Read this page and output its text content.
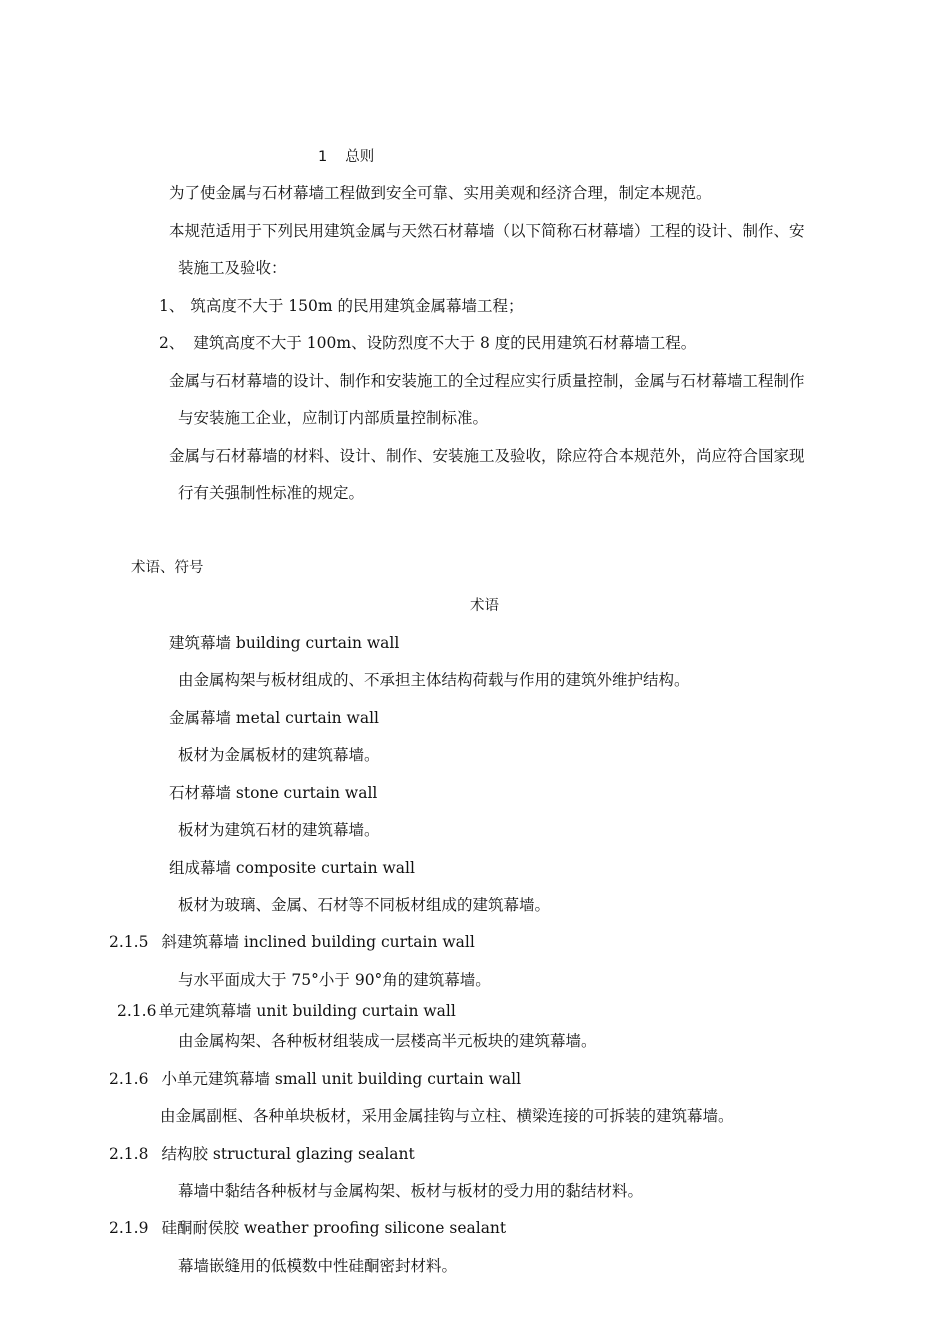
1 总则
为了使金属与石材幕墙工程做到安全可靠、实用美观和经济合理，制定本规范。
本规范适用于下列民用建筑金属与天然石材幕墙（以下简称石材幕墙）工程的设计、制作、安
装施工及验收：
1、 筑高度不大于 150m 的民用建筑金属幕墙工程；
2、 建筑高度不大于 100m、设防烈度不大于 8 度的民用建筑石材幕墙工程。
金属与石材幕墙的设计、制作和安装施工的全过程应实行质量控制，金属与石材幕墙工程制作
与安装施工企业，应制订内部质量控制标准。
金属与石材幕墙的材料、设计、制作、安装施工及验收，除应符合本规范外，尚应符合国家现
行有关强制性标准的规定。
术语、符号
术语
建筑幕墙 building curtain wall
由金属构架与板材组成的、不承担主体结构荷载与作用的建筑外维护结构。
金属幕墙 metal curtain wall
板材为金属板材的建筑幕墙。
石材幕墙 stone curtain wall
板材为建筑石材的建筑幕墙。
组成幕墙 composite curtain wall
板材为玻璃、金属、石材等不同板材组成的建筑幕墙。
2.1.5 斜建筑幕墙 inclined building curtain wall
与水平面成大于 75°小于 90°角的建筑幕墙。
2.1.6 单元建筑幕墙 unit building curtain wall
由金属构架、各种板材组装成一层楼高半元板块的建筑幕墙。
2.1.6 小单元建筑幕墙 small unit building curtain wall
由金属副框、各种单块板材，采用金属挂钩与立柱、横梁连接的可拆装的建筑幕墙。
2.1.8 结构胶 structural glazing sealant
幕墙中黏结各种板材与金属构架、板材与板材的受力用的黏结材料。
2.1.9 硅酮耐侯胶 weather proofing silicone sealant
幕墙嵌缝用的低模数中性硅酮密封材料。
